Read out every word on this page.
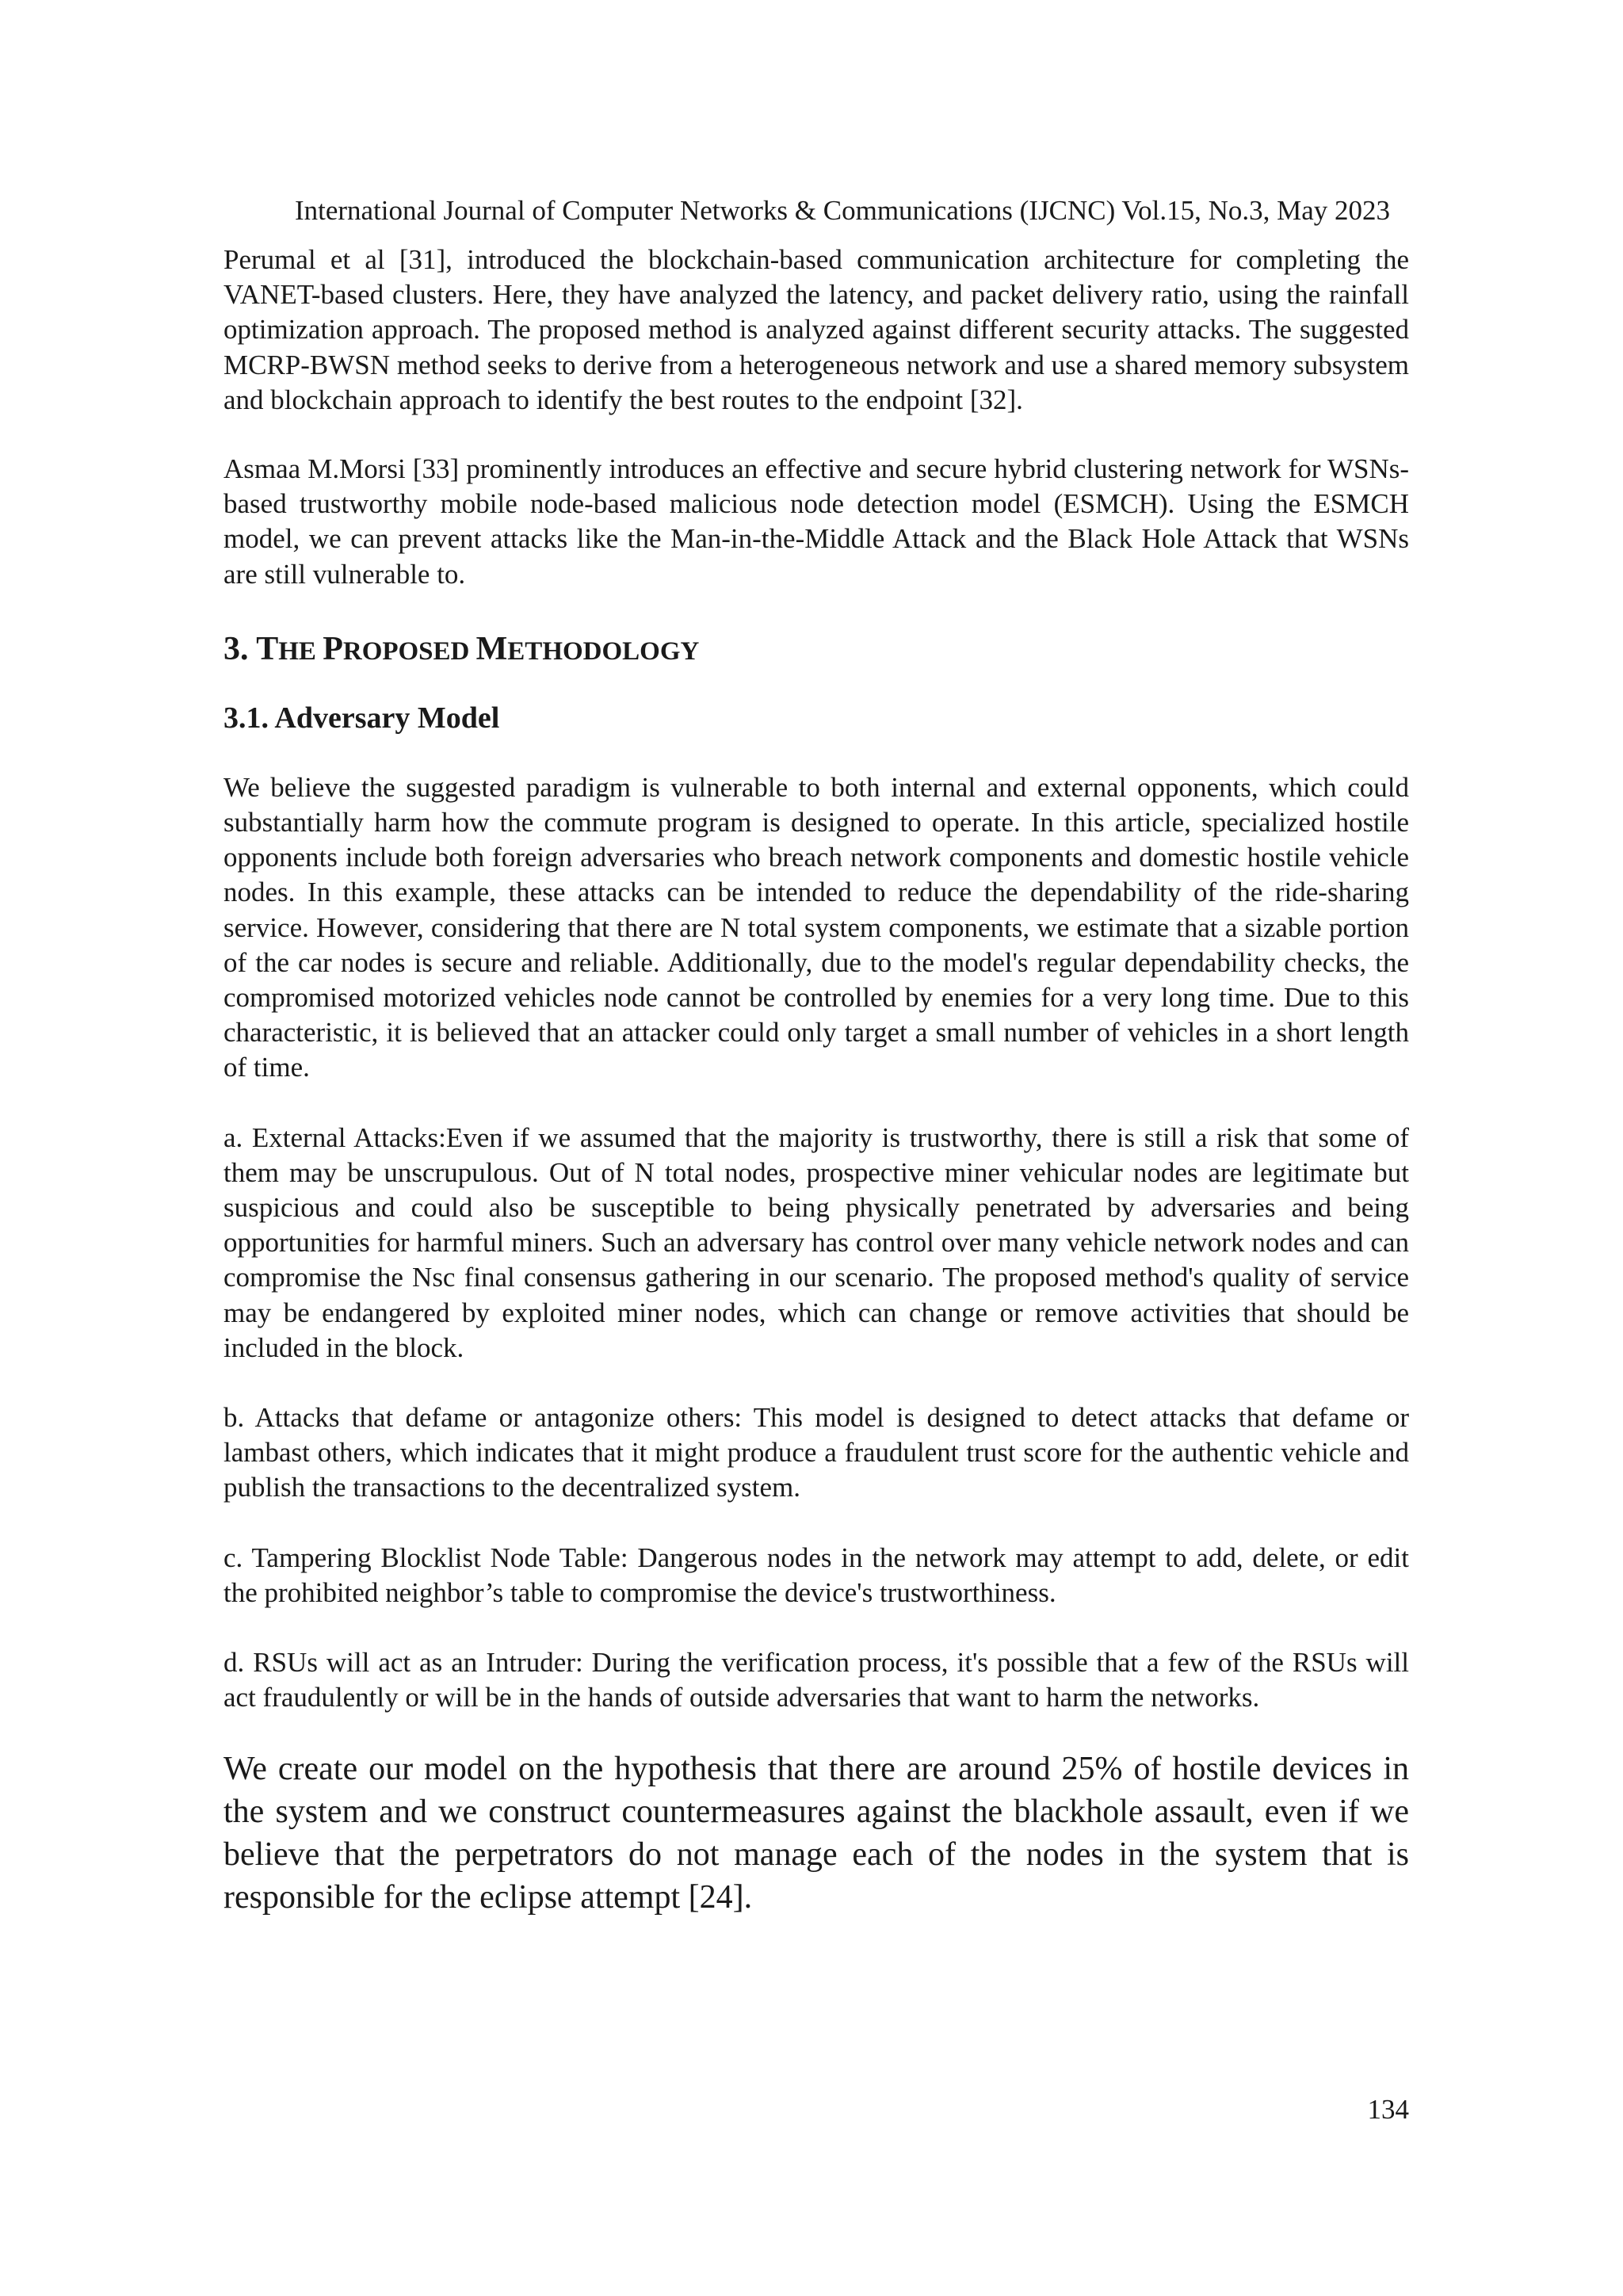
International Journal of Computer Networks & Communications (IJCNC) Vol.15, No.3, May 2023

Perumal et al [31], introduced the blockchain-based communication architecture for completing the VANET-based clusters. Here, they have analyzed the latency, and packet delivery ratio, using the rainfall optimization approach. The proposed method is analyzed against different security attacks. The suggested MCRP-BWSN method seeks to derive from a heterogeneous network and use a shared memory subsystem and blockchain approach to identify the best routes to the endpoint [32].

Asmaa M.Morsi [33] prominently introduces an effective and secure hybrid clustering network for WSNs-based trustworthy mobile node-based malicious node detection model (ESMCH). Using the ESMCH model, we can prevent attacks like the Man-in-the-Middle Attack and the Black Hole Attack that WSNs are still vulnerable to.

3. THE PROPOSED METHODOLOGY
3.1. Adversary Model

We believe the suggested paradigm is vulnerable to both internal and external opponents, which could substantially harm how the commute program is designed to operate. In this article, specialized hostile opponents include both foreign adversaries who breach network components and domestic hostile vehicle nodes. In this example, these attacks can be intended to reduce the dependability of the ride-sharing service. However, considering that there are N total system components, we estimate that a sizable portion of the car nodes is secure and reliable. Additionally, due to the model's regular dependability checks, the compromised motorized vehicles node cannot be controlled by enemies for a very long time. Due to this characteristic, it is believed that an attacker could only target a small number of vehicles in a short length of time.

a. External Attacks:Even if we assumed that the majority is trustworthy, there is still a risk that some of them may be unscrupulous. Out of N total nodes, prospective miner vehicular nodes are legitimate but suspicious and could also be susceptible to being physically penetrated by adversaries and being opportunities for harmful miners. Such an adversary has control over many vehicle network nodes and can compromise the Nsc final consensus gathering in our scenario. The proposed method's quality of service may be endangered by exploited miner nodes, which can change or remove activities that should be included in the block.

b. Attacks that defame or antagonize others: This model is designed to detect attacks that defame or lambast others, which indicates that it might produce a fraudulent trust score for the authentic vehicle and publish the transactions to the decentralized system.

c. Tampering Blocklist Node Table: Dangerous nodes in the network may attempt to add, delete, or edit the prohibited neighbor’s table to compromise the device's trustworthiness.

d. RSUs will act as an Intruder: During the verification process, it's possible that a few of the RSUs will act fraudulently or will be in the hands of outside adversaries that want to harm the networks.

We create our model on the hypothesis that there are around 25% of hostile devices in the system and we construct countermeasures against the blackhole assault, even if we believe that the perpetrators do not manage each of the nodes in the system that is responsible for the eclipse attempt [24].

134
